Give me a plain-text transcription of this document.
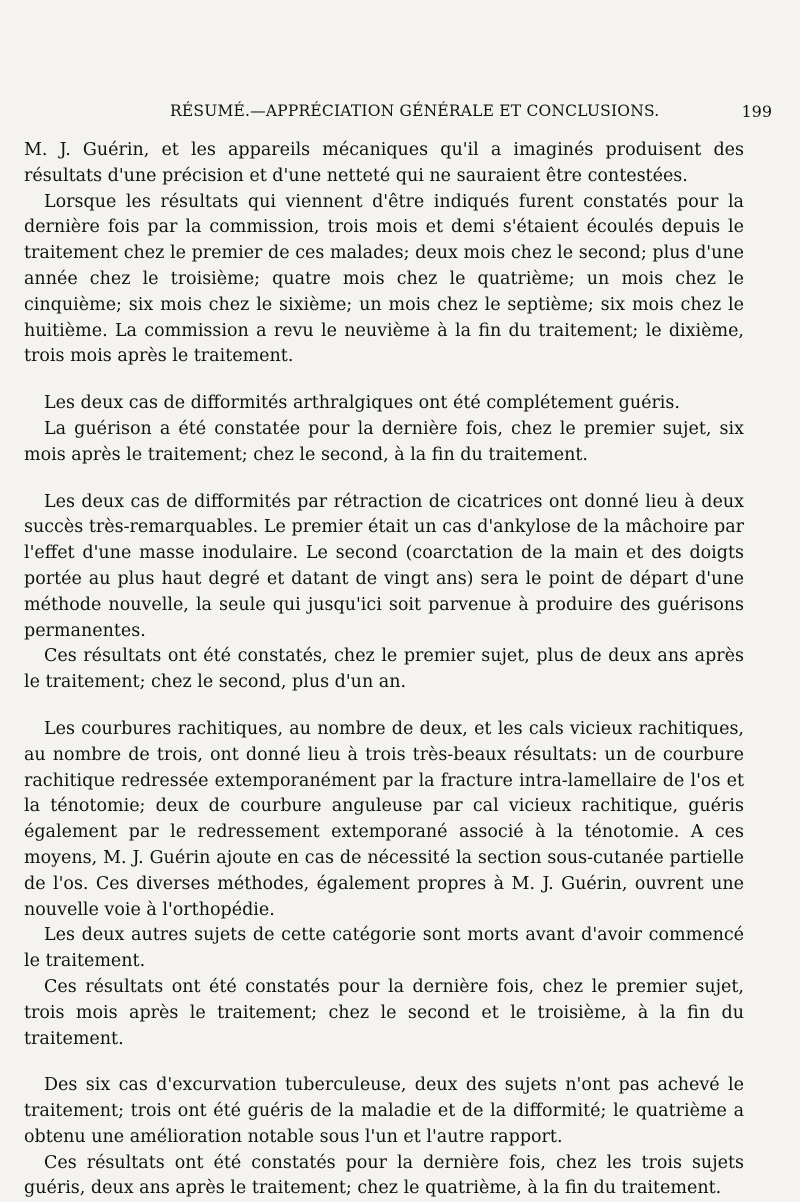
RÉSUMÉ.—APPRÉCIATION GÉNÉRALE ET CONCLUSIONS.	199

M. J. Guérin, et les appareils mécaniques qu'il a imaginés produisent des résultats d'une précision et d'une netteté qui ne sauraient être contestées.

Lorsque les résultats qui viennent d'être indiqués furent constatés pour la dernière fois par la commission, trois mois et demi s'étaient écoulés depuis le traitement chez le premier de ces malades; deux mois chez le second; plus d'une année chez le troisième; quatre mois chez le quatrième; un mois chez le cinquième; six mois chez le sixième; un mois chez le septième; six mois chez le huitième. La commission a revu le neuvième à la fin du traitement; le dixième, trois mois après le traitement.

Les deux cas de difformités arthralgiques ont été complétement guéris.

La guérison a été constatée pour la dernière fois, chez le premier sujet, six mois après le traitement; chez le second, à la fin du traitement.

Les deux cas de difformités par rétraction de cicatrices ont donné lieu à deux succès très-remarquables. Le premier était un cas d'ankylose de la mâchoire par l'effet d'une masse inodulaire. Le second (coarctation de la main et des doigts portée au plus haut degré et datant de vingt ans) sera le point de départ d'une méthode nouvelle, la seule qui jusqu'ici soit parvenue à produire des guérisons permanentes.

Ces résultats ont été constatés, chez le premier sujet, plus de deux ans après le traitement; chez le second, plus d'un an.

Les courbures rachitiques, au nombre de deux, et les cals vicieux rachitiques, au nombre de trois, ont donné lieu à trois très-beaux résultats: un de courbure rachitique redressée extemporanément par la fracture intra-lamellaire de l'os et la ténotomie; deux de courbure anguleuse par cal vicieux rachitique, guéris également par le redressement extemporané associé à la ténotomie. A ces moyens, M. J. Guérin ajoute en cas de nécessité la section sous-cutanée partielle de l'os. Ces diverses méthodes, également propres à M. J. Guérin, ouvrent une nouvelle voie à l'orthopédie.

Les deux autres sujets de cette catégorie sont morts avant d'avoir commencé le traitement.

Ces résultats ont été constatés pour la dernière fois, chez le premier sujet, trois mois après le traitement; chez le second et le troisième, à la fin du traitement.

Des six cas d'excurvation tuberculeuse, deux des sujets n'ont pas achevé le traitement; trois ont été guéris de la maladie et de la difformité; le quatrième a obtenu une amélioration notable sous l'un et l'autre rapport.

Ces résultats ont été constatés pour la dernière fois, chez les trois sujets guéris, deux ans après le traitement; chez le quatrième, à la fin du traitement.
